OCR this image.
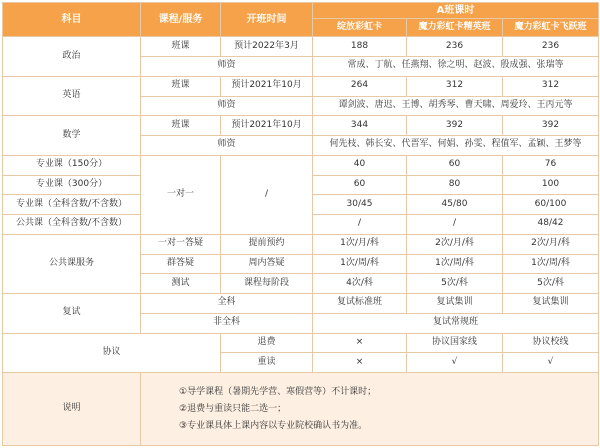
科目	课程/服务	开班时间	A班课时		
			绽放彩虹卡	魔力彩虹卡精英班	魔力彩虹卡飞跃班
政治	班课	预计2022年3月	188	236	236
	师资		常成、丁航、任燕翔、徐之明、赵波、殷成强、张瑞等		
英语	班课	预计2021年10月	264	312	312
	师资		谭剑波、唐迟、王博、胡秀琴、曹天啸、周爱玲、王丙元等		
数学	班课	预计2021年10月	344	392	392
	师资		何先枝、韩长安、代晋军、何娟、孙雯、程值军、孟颖、王梦等		
专业课（150分）	一对一	/	40	60	76
专业课（300分）			60	80	100
专业课（全科含数/不含数）			30/45	45/80	60/100
公共课（全科含数/不含数）			/	/	48/42
公共课服务	一对一答疑	提前预约	1次/月/科	2次/月/科	2次/月/科
	群答疑	周内答疑	1次/周/科	1次/周/科	1次/周/科
	测试	课程每阶段	4次/科	5次/科	5次/科
复试	全科		复试标准班	复试集训	复试集训
	非全科		复试常规班		
协议		退费	×	协议国家线	协议校线
		重读	×	√	√
说明	①导学课程（暑期先学营、寒假营等）不计课时；
②退费与重读只能二选一；
③专业课具体上课内容以专业院校确认书为准。				
